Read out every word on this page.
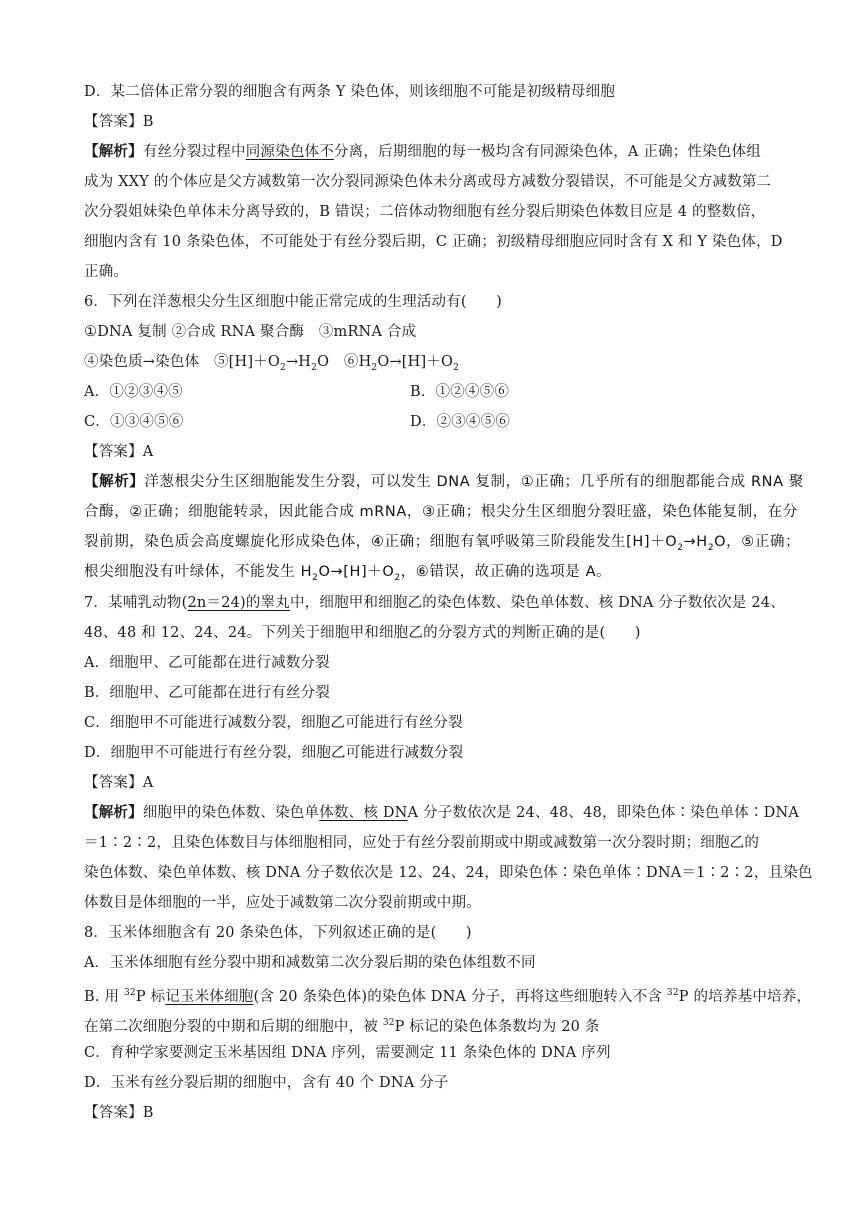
D．某二倍体正常分裂的细胞含有两条 Y 染色体，则该细胞不可能是初级精母细胞

【答案】B

【解析】有丝分裂过程中同源染色体不分离，后期细胞的每一极均含有同源染色体，A 正确；性染色体组

成为 XXY 的个体应是父方减数第一次分裂同源染色体未分离或母方减数分裂错误，不可能是父方减数第二

次分裂姐妹染色单体未分离导致的，B 错误；二倍体动物细胞有丝分裂后期染色体数目应是 4 的整数倍，

细胞内含有 10 条染色体，不可能处于有丝分裂后期，C 正确；初级精母细胞应同时含有 X 和 Y 染色体，D

正确。

6．下列在洋葱根尖分生区细胞中能正常完成的生理活动有(　　)

①DNA 复制 ②合成 RNA 聚合酶　③mRNA 合成

④染色质→染色体　$⑤[H]+O_2\to H_2O$　$⑥H_2O\to[H]+O_2$

A．①②③④⑤	B．①②④⑤⑥

C．①③④⑤⑥	D．②③④⑤⑥

【答案】A

【解析】洋葱根尖分生区细胞能发生分裂，可以发生 DNA 复制，①正确；几乎所有的细胞都能合成 RNA 聚

合酶，②正确；细胞能转录，因此能合成 mRNA，③正确；根尖分生区细胞分裂旺盛，染色体能复制，在分

裂前期，染色质会高度螺旋化形成染色体，④正确；细胞有氧呼吸第三阶段能发生$[H]+O_2\to H_2O$，⑤正确；

根尖细胞没有叶绿体，不能发生 $H_2O\to[H]+O_2$，⑥错误，故正确的选项是 A。

7．某哺乳动物(2n＝24)的睾丸中，细胞甲和细胞乙的染色体数、染色单体数、核 DNA 分子数依次是 24、

48、48 和 12、24、24。下列关于细胞甲和细胞乙的分裂方式的判断正确的是(　　)

A．细胞甲、乙可能都在进行减数分裂

B．细胞甲、乙可能都在进行有丝分裂

C．细胞甲不可能进行减数分裂，细胞乙可能进行有丝分裂

D．细胞甲不可能进行有丝分裂，细胞乙可能进行减数分裂

【答案】A

【解析】细胞甲的染色体数、染色单体数、核 DNA 分子数依次是 24、48、48，即染色体∶染色单体∶DNA

＝1∶2∶2，且染色体数目与体细胞相同，应处于有丝分裂前期或中期或减数第一次分裂时期；细胞乙的

染色体数、染色单体数、核 DNA 分子数依次是 12、24、24，即染色体∶染色单体∶DNA＝1∶2∶2，且染色

体数目是体细胞的一半，应处于减数第二次分裂前期或中期。

8．玉米体细胞含有 20 条染色体，下列叙述正确的是(　　)

A．玉米体细胞有丝分裂中期和减数第二次分裂后期的染色体组数不同

B. 用 $^{32}$P 标记玉米体细胞(含 20 条染色体)的染色体 DNA 分子，再将这些细胞转入不含 $^{32}$P 的培养基中培养，

在第二次细胞分裂的中期和后期的细胞中，被 $^{32}$P 标记的染色体条数均为 20 条

C．育种学家要测定玉米基因组 DNA 序列，需要测定 11 条染色体的 DNA 序列

D．玉米有丝分裂后期的细胞中，含有 40 个 DNA 分子

【答案】B
